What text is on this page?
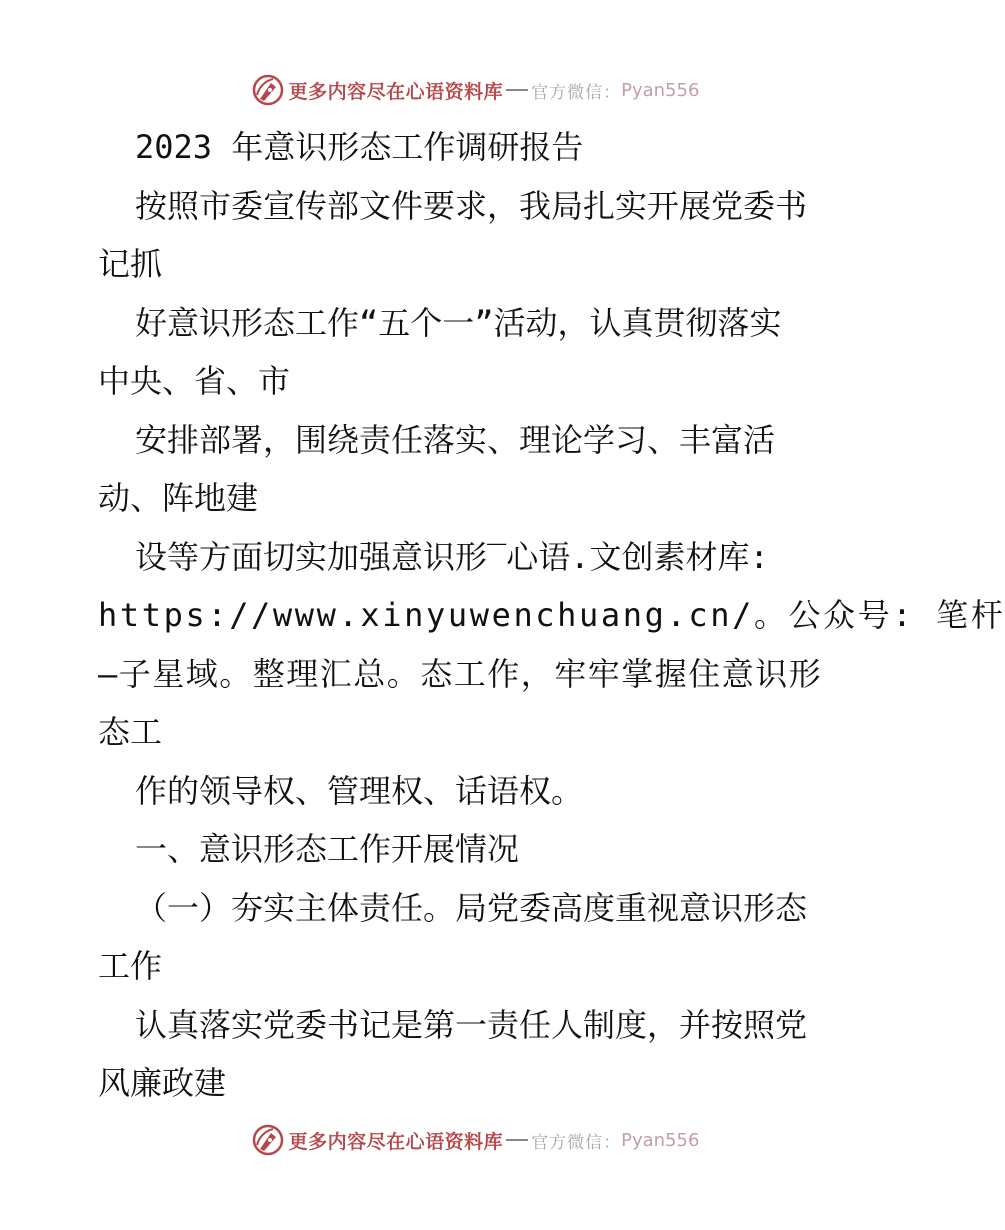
更多内容尽在心语资料库 官方微信： Pyan556
2023 年意识形态工作调研报告
按照市委宣传部文件要求，我局扎实开展党委书
记抓
好意识形态工作“五个一”活动，认真贯彻落实
中央、省、市
安排部署，围绕责任落实、理论学习、丰富活
动、阵地建
设等方面切实加强意识形‾心语.文创素材库:
https://www.xinyuwenchuang.cn/。公众号: 笔杆
—子星域。整理汇总。态工作，牢牢掌握住意识形
态工
作的领导权、管理权、话语权。
一、意识形态工作开展情况
（一）夯实主体责任。局党委高度重视意识形态
工作
认真落实党委书记是第一责任人制度，并按照党
风廉政建
更多内容尽在心语资料库 官方微信： Pyan556
